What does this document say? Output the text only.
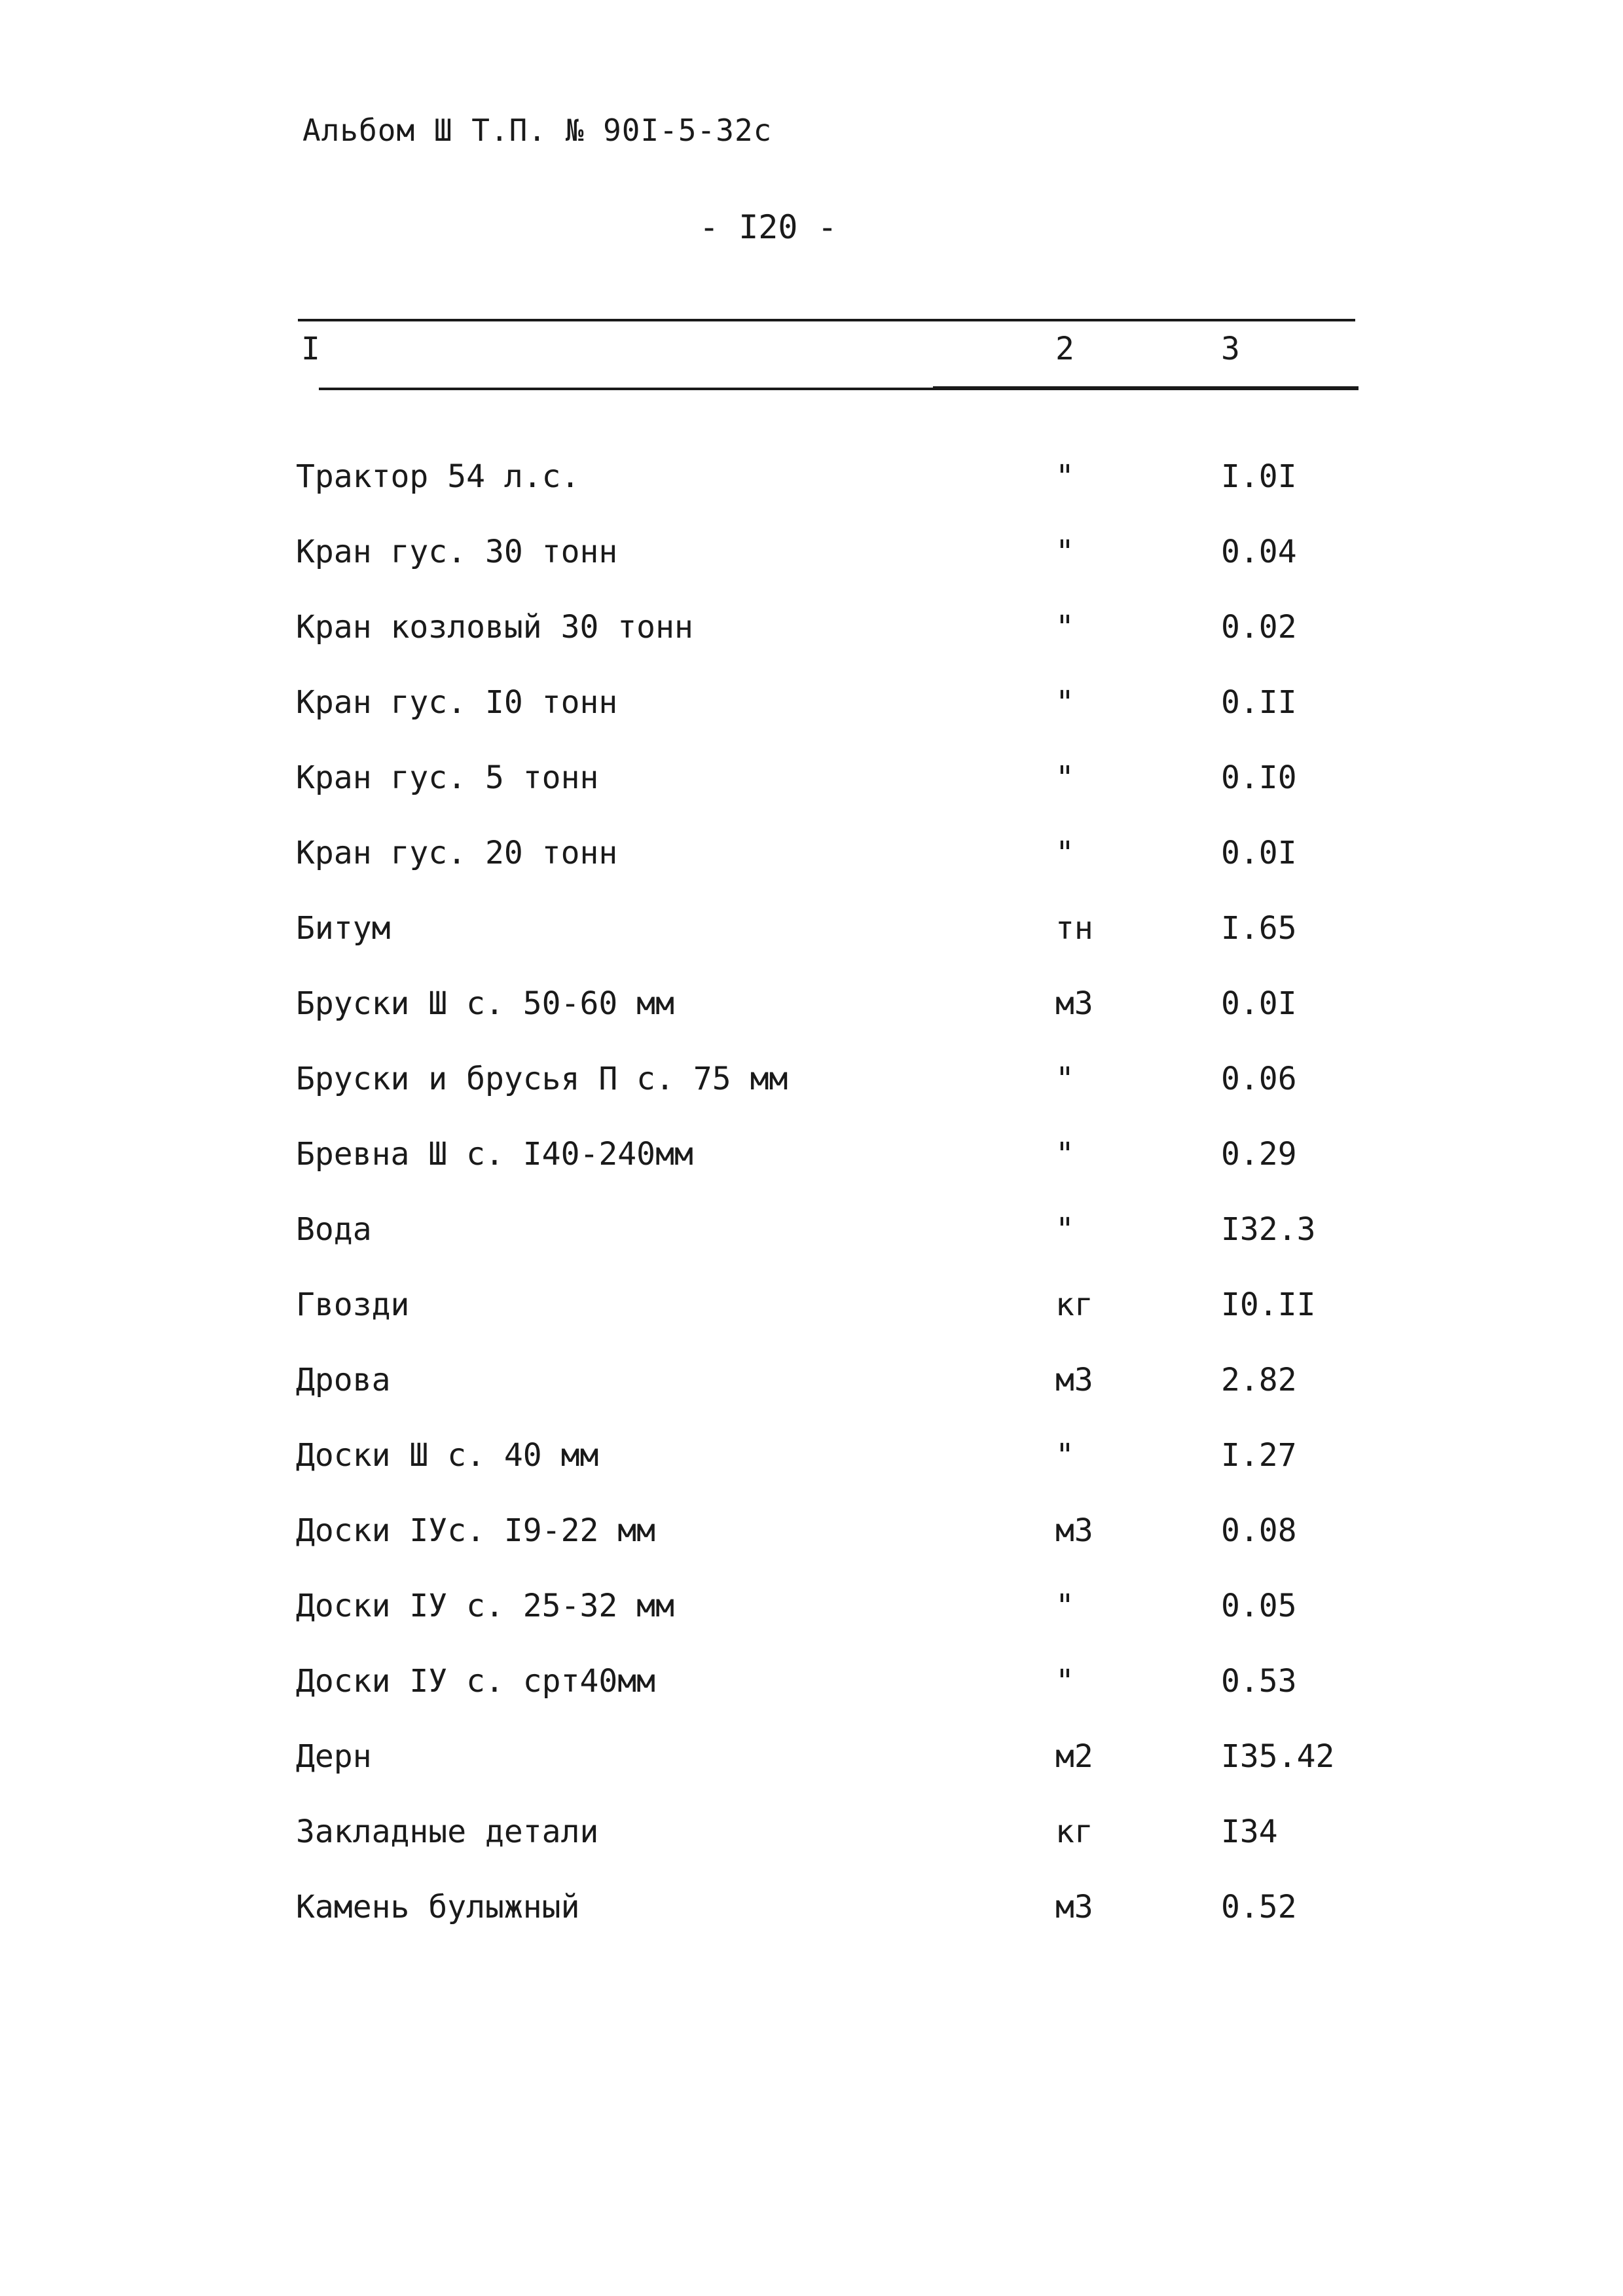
Альбом Ш Т.П. № 90I-5-32с
- I20 -
I	2	3
Трактор 54 л.с.	"	I.0I
Кран гус. 30 тонн	"	0.04
Кран козловый 30 тонн	"	0.02
Кран гус. I0 тонн	"	0.II
Кран гус. 5 тонн	"	0.I0
Кран гус. 20 тонн	"	0.0I
Битум	тн	I.65
Бруски Ш с. 50-60 мм	м3	0.0I
Бруски и брусья П с. 75 мм	"	0.06
Бревна Ш с. I40-240мм	"	0.29
Вода	"	I32.3
Гвозди	кг	I0.II
Дрова	м3	2.82
Доски Ш с. 40 мм	"	I.27
Доски IУс. I9-22 мм	м3	0.08
Доски IУ с. 25-32 мм	"	0.05
Доски IУ с. срт40мм	"	0.53
Дерн	м2	I35.42
Закладные детали	кг	I34
Камень булыжный	м3	0.52
